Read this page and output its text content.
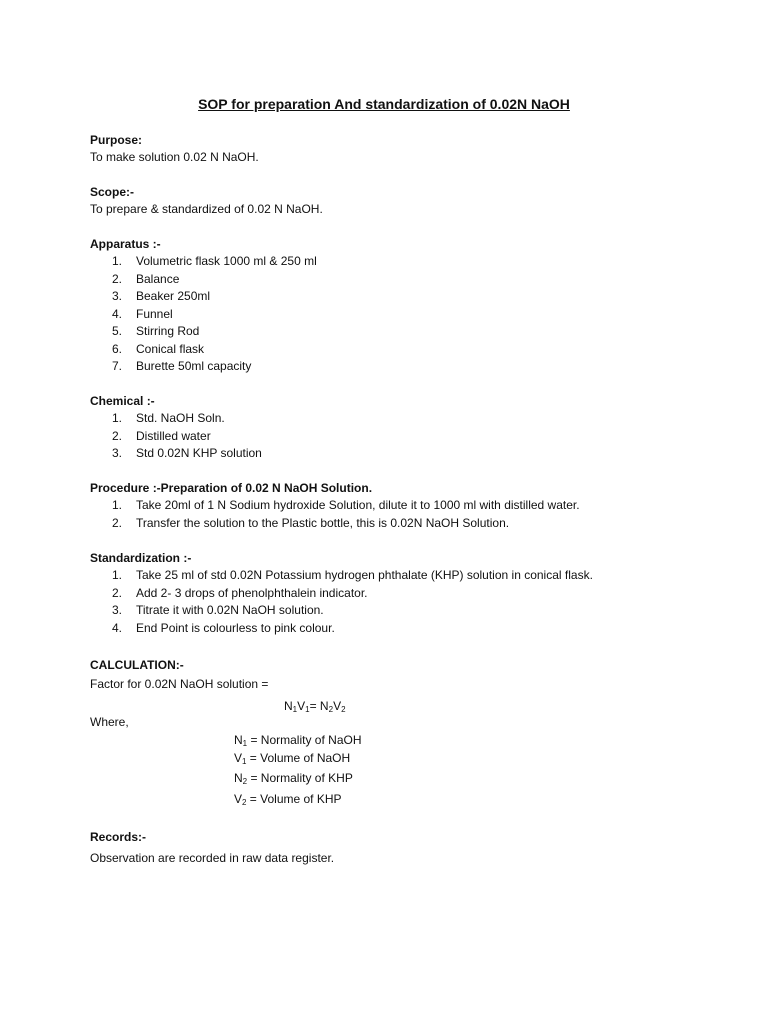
SOP for preparation And standardization of 0.02N NaOH
Purpose:
To make solution 0.02 N NaOH.
Scope:-
To prepare & standardized of 0.02 N NaOH.
Apparatus :-
1. Volumetric flask 1000 ml & 250 ml
2. Balance
3. Beaker 250ml
4. Funnel
5. Stirring Rod
6. Conical flask
7. Burette 50ml capacity
Chemical :-
1. Std. NaOH Soln.
2. Distilled water
3. Std 0.02N KHP solution
Procedure :-Preparation of 0.02 N NaOH Solution.
1. Take 20ml of 1 N Sodium hydroxide Solution, dilute it to 1000 ml with distilled water.
2. Transfer the solution to the Plastic bottle, this is 0.02N NaOH Solution.
Standardization :-
1. Take 25 ml of std 0.02N Potassium hydrogen phthalate (KHP) solution in conical flask.
2. Add 2- 3 drops of phenolphthalein indicator.
3. Titrate it with 0.02N NaOH solution.
4. End Point is colourless to pink colour.
CALCULATION:-
Factor for 0.02N NaOH solution =
$N_1V_1= N_2V_2$
Where,
$N_1$ = Normality of NaOH
$V_1$ = Volume of NaOH
$N_2$ = Normality of KHP
$V_2$ = Volume of KHP
Records:-
Observation are recorded in raw data register.
